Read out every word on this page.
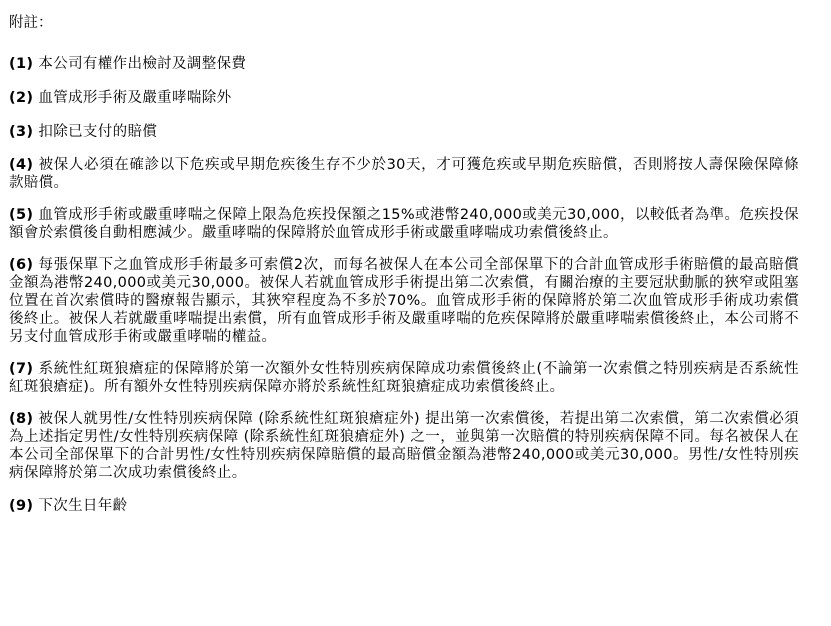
附註：
(1) 本公司有權作出檢討及調整保費
(2) 血管成形手術及嚴重哮喘除外
(3) 扣除已支付的賠償
(4) 被保人必須在確診以下危疾或早期危疾後生存不少於30天，才可獲危疾或早期危疾賠償，否則將按人壽保險保障條款賠償。
(5) 血管成形手術或嚴重哮喘之保障上限為危疾投保額之15%或港幣240,000或美元30,000，以較低者為準。危疾投保額會於索償後自動相應減少。嚴重哮喘的保障將於血管成形手術或嚴重哮喘成功索償後終止。
(6) 每張保單下之血管成形手術最多可索償2次，而每名被保人在本公司全部保單下的合計血管成形手術賠償的最高賠償金額為港幣240,000或美元30,000。被保人若就血管成形手術提出第二次索償，有關治療的主要冠狀動脈的狹窄或阻塞位置在首次索償時的醫療報告顯示，其狹窄程度為不多於70%。血管成形手術的保障將於第二次血管成形手術成功索償後終止。被保人若就嚴重哮喘提出索償，所有血管成形手術及嚴重哮喘的危疾保障將於嚴重哮喘索償後終止，本公司將不另支付血管成形手術或嚴重哮喘的權益。
(7) 系統性紅斑狼瘡症的保障將於第一次額外女性特別疾病保障成功索償後終止(不論第一次索償之特別疾病是否系統性紅斑狼瘡症)。所有額外女性特別疾病保障亦將於系統性紅斑狼瘡症成功索償後終止。
(8) 被保人就男性/女性特別疾病保障 (除系統性紅斑狼瘡症外) 提出第一次索償後，若提出第二次索償，第二次索償必須為上述指定男性/女性特別疾病保障 (除系統性紅斑狼瘡症外) 之一，並與第一次賠償的特別疾病保障不同。每名被保人在本公司全部保單下的合計男性/女性特別疾病保障賠償的最高賠償金額為港幣240,000或美元30,000。男性/女性特別疾病保障將於第二次成功索償後終止。
(9) 下次生日年齡
